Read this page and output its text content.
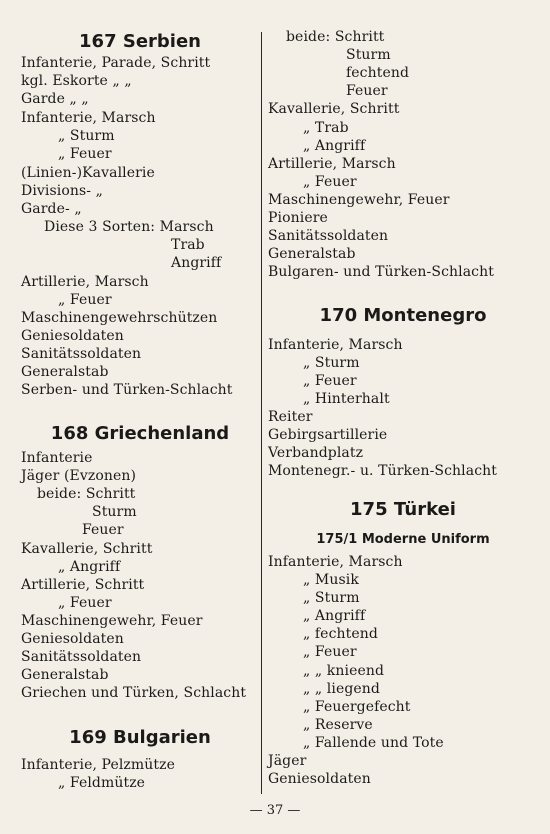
167 Serbien
Infanterie, Parade, Schritt
kgl. Eskorte „ „
Garde „ „
Infanterie, Marsch
„ Sturm
„ Feuer
(Linien-)Kavallerie
Divisions- „
Garde- „
Diese 3 Sorten: Marsch
Trab
Angriff
Artillerie, Marsch
„ Feuer
Maschinengewehrschützen
Geniesoldaten
Sanitätssoldaten
Generalstab
Serben- und Türken-Schlacht
168 Griechenland
Infanterie
Jäger (Evzonen)
beide: Schritt
Sturm
Feuer
Kavallerie, Schritt
„ Angriff
Artillerie, Schritt
„ Feuer
Maschinengewehr, Feuer
Geniesoldaten
Sanitätssoldaten
Generalstab
Griechen und Türken, Schlacht
169 Bulgarien
Infanterie, Pelzmütze
„ Feldmütze
beide: Schritt
Sturm
fechtend
Feuer
Kavallerie, Schritt
„ Trab
„ Angriff
Artillerie, Marsch
„ Feuer
Maschinengewehr, Feuer
Pioniere
Sanitätssoldaten
Generalstab
Bulgaren- und Türken-Schlacht
170 Montenegro
Infanterie, Marsch
„ Sturm
„ Feuer
„ Hinterhalt
Reiter
Gebirgsartillerie
Verbandplatz
Montenegr.- u. Türken-Schlacht
175 Türkei
175/1 Moderne Uniform
Infanterie, Marsch
„ Musik
„ Sturm
„ Angriff
„ fechtend
„ Feuer
„ „ knieend
„ „ liegend
„ Feuergefecht
„ Reserve
„ Fallende und Tote
Jäger
Geniesoldaten
— 37 —
